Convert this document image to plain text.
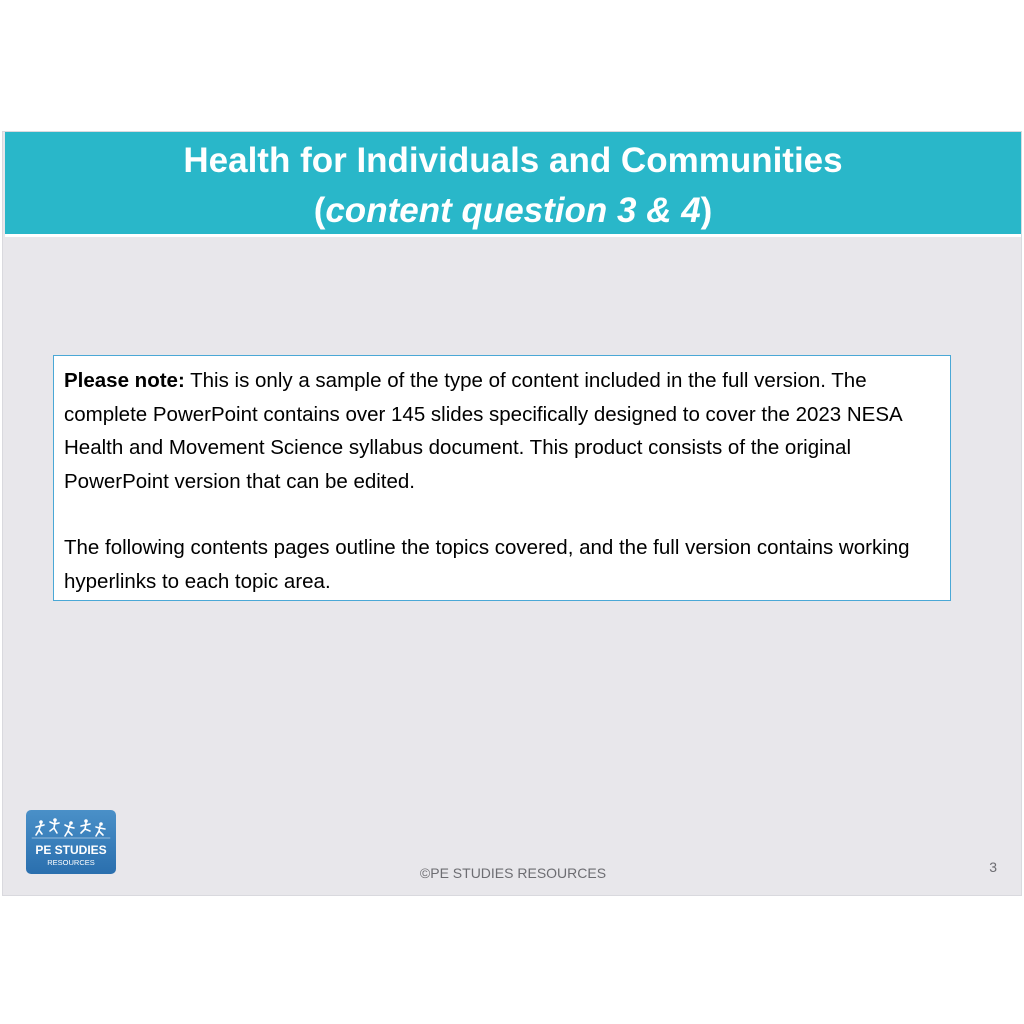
Health for Individuals and Communities
(content question 3 & 4)

Please note: This is only a sample of the type of content included in the full version. The complete PowerPoint contains over 145 slides specifically designed to cover the 2023 NESA Health and Movement Science syllabus document. This product consists of the original PowerPoint version that can be edited.

The following contents pages outline the topics covered, and the full version contains working hyperlinks to each topic area.

PE STUDIES
RESOURCES
©PE STUDIES RESOURCES	3
